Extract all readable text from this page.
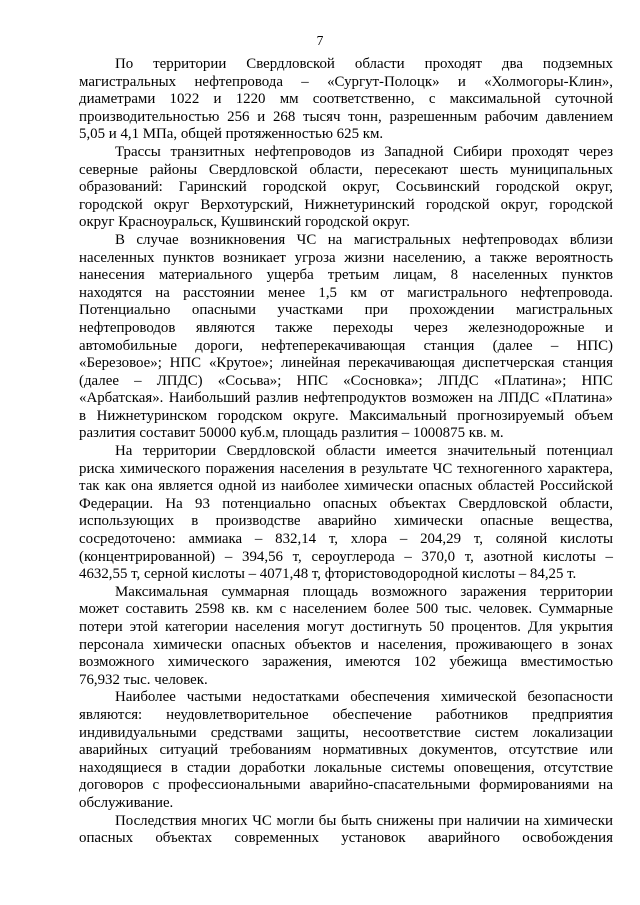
7
По территории Свердловской области проходят два подземных
магистральных нефтепровода – «Сургут-Полоцк» и «Холмогоры-Клин»,
диаметрами 1022 и 1220 мм соответственно, с максимальной суточной
производительностью 256 и 268 тысяч тонн, разрешенным рабочим давлением
5,05 и 4,1 МПа, общей протяженностью 625 км.
Трассы транзитных нефтепроводов из Западной Сибири проходят через
северные районы Свердловской области, пересекают шесть муниципальных
образований: Гаринский городской округ, Сосьвинский городской округ,
городской округ Верхотурский, Нижнетуринский городской округ, городской
округ Красноуральск, Кушвинский городской округ.
В случае возникновения ЧС на магистральных нефтепроводах вблизи
населенных пунктов возникает угроза жизни населению, а также вероятность
нанесения материального ущерба третьим лицам, 8 населенных пунктов
находятся на расстоянии менее 1,5 км от магистрального нефтепровода.
Потенциально опасными участками при прохождении магистральных
нефтепроводов являются также переходы через железнодорожные и
автомобильные дороги, нефтеперекачивающая станция (далее – НПС)
«Березовое»; НПС «Крутое»; линейная перекачивающая диспетчерская станция
(далее – ЛПДС) «Сосьва»; НПС «Сосновка»; ЛПДС «Платина»; НПС
«Арбатская». Наибольший разлив нефтепродуктов возможен на ЛПДС «Платина»
в Нижнетуринском городском округе. Максимальный прогнозируемый объем
разлития составит 50000 куб.м, площадь разлития – 1000875 кв. м.
На территории Свердловской области имеется значительный потенциал
риска химического поражения населения в результате ЧС техногенного характера,
так как она является одной из наиболее химически опасных областей Российской
Федерации. На 93 потенциально опасных объектах Свердловской области,
использующих в производстве аварийно химически опасные вещества,
сосредоточено: аммиака – 832,14 т, хлора – 204,29 т, соляной кислоты
(концентрированной) – 394,56 т, сероуглерода – 370,0 т, азотной кислоты –
4632,55 т, серной кислоты – 4071,48 т, фтористоводородной кислоты – 84,25 т.
Максимальная суммарная площадь возможного заражения территории
может составить 2598 кв. км с населением более 500 тыс. человек. Суммарные
потери этой категории населения могут достигнуть 50 процентов. Для укрытия
персонала химически опасных объектов и населения, проживающего в зонах
возможного химического заражения, имеются 102 убежища вместимостью
76,932 тыс. человек.
Наиболее частыми недостатками обеспечения химической безопасности
являются: неудовлетворительное обеспечение работников предприятия
индивидуальными средствами защиты, несоответствие систем локализации
аварийных ситуаций требованиям нормативных документов, отсутствие или
находящиеся в стадии доработки локальные системы оповещения, отсутствие
договоров с профессиональными аварийно-спасательными формированиями на
обслуживание.
Последствия многих ЧС могли бы быть снижены при наличии на химически
опасных объектах современных установок аварийного освобождения
